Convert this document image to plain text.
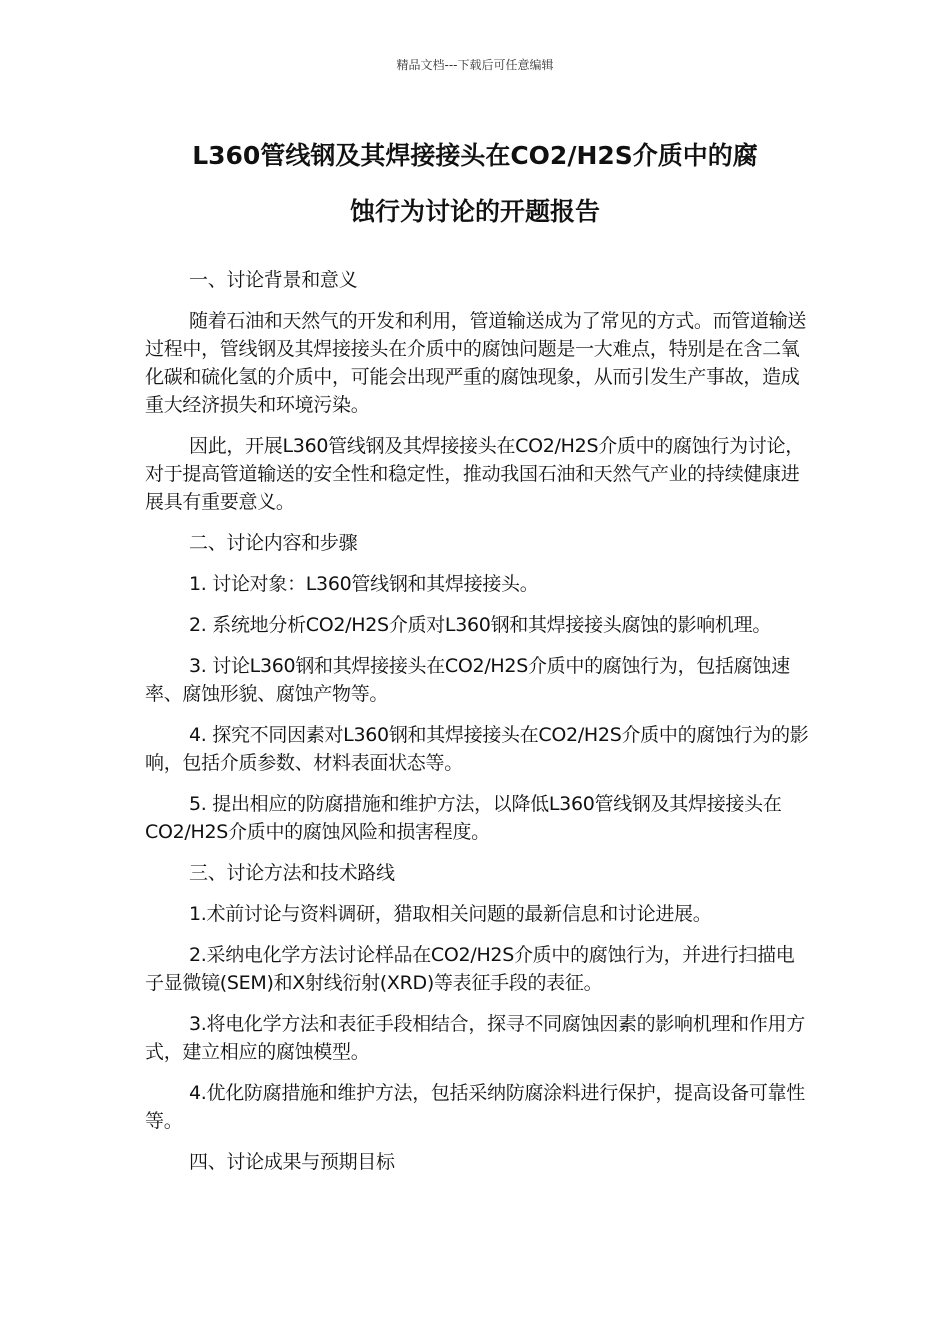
精品文档---下载后可任意编辑
L360管线钢及其焊接接头在CO2/H2S介质中的腐
蚀行为讨论的开题报告

一、讨论背景和意义

随着石油和天然气的开发和利用，管道输送成为了常见的方式。而管道输送过程中，管线钢及其焊接接头在介质中的腐蚀问题是一大难点，特别是在含二氧化碳和硫化氢的介质中，可能会出现严重的腐蚀现象，从而引发生产事故，造成重大经济损失和环境污染。

因此，开展L360管线钢及其焊接接头在CO2/H2S介质中的腐蚀行为讨论，对于提高管道输送的安全性和稳定性，推动我国石油和天然气产业的持续健康进展具有重要意义。

二、讨论内容和步骤

1. 讨论对象：L360管线钢和其焊接接头。

2. 系统地分析CO2/H2S介质对L360钢和其焊接接头腐蚀的影响机理。

3. 讨论L360钢和其焊接接头在CO2/H2S介质中的腐蚀行为，包括腐蚀速率、腐蚀形貌、腐蚀产物等。

4. 探究不同因素对L360钢和其焊接接头在CO2/H2S介质中的腐蚀行为的影响，包括介质参数、材料表面状态等。

5. 提出相应的防腐措施和维护方法，以降低L360管线钢及其焊接接头在CO2/H2S介质中的腐蚀风险和损害程度。

三、讨论方法和技术路线

1.术前讨论与资料调研，猎取相关问题的最新信息和讨论进展。

2.采纳电化学方法讨论样品在CO2/H2S介质中的腐蚀行为，并进行扫描电子显微镜(SEM)和X射线衍射(XRD)等表征手段的表征。

3.将电化学方法和表征手段相结合，探寻不同腐蚀因素的影响机理和作用方式，建立相应的腐蚀模型。

4.优化防腐措施和维护方法，包括采纳防腐涂料进行保护，提高设备可靠性等。

四、讨论成果与预期目标
